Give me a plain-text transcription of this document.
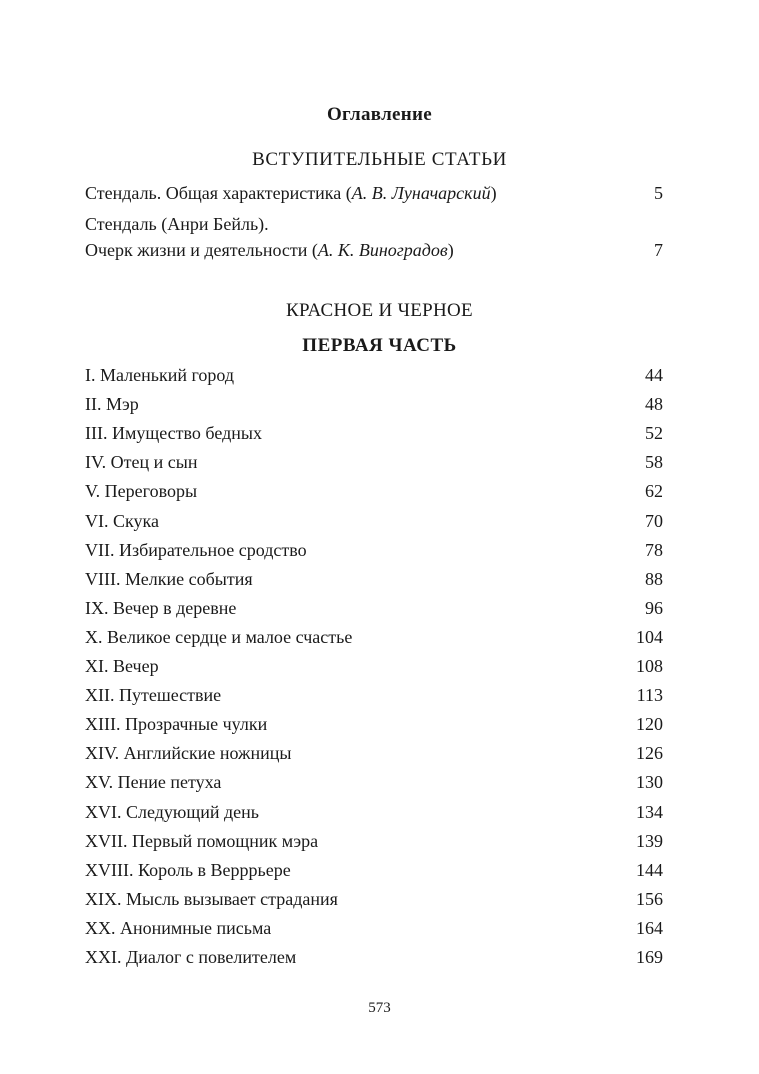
Оглавление
ВСТУПИТЕЛЬНЫЕ СТАТЬИ
Стендаль. Общая характеристика (А. В. Луначарский)	5
Стендаль (Анри Бейль).
Очерк жизни и деятельности (А. К. Виноградов)	7
КРАСНОЕ И ЧЕРНОЕ
ПЕРВАЯ ЧАСТЬ
I. Маленький город	44
II. Мэр	48
III. Имущество бедных	52
IV. Отец и сын	58
V. Переговоры	62
VI. Скука	70
VII. Избирательное сродство	78
VIII. Мелкие события	88
IX. Вечер в деревне	96
X. Великое сердце и малое счастье	104
XI. Вечер	108
XII. Путешествие	113
XIII. Прозрачные чулки	120
XIV. Английские ножницы	126
XV. Пение петуха	130
XVI. Следующий день	134
XVII. Первый помощник мэра	139
XVIII. Король в Верррьере	144
XIX. Мысль вызывает страдания	156
XX. Анонимные письма	164
XXI. Диалог с повелителем	169
573
